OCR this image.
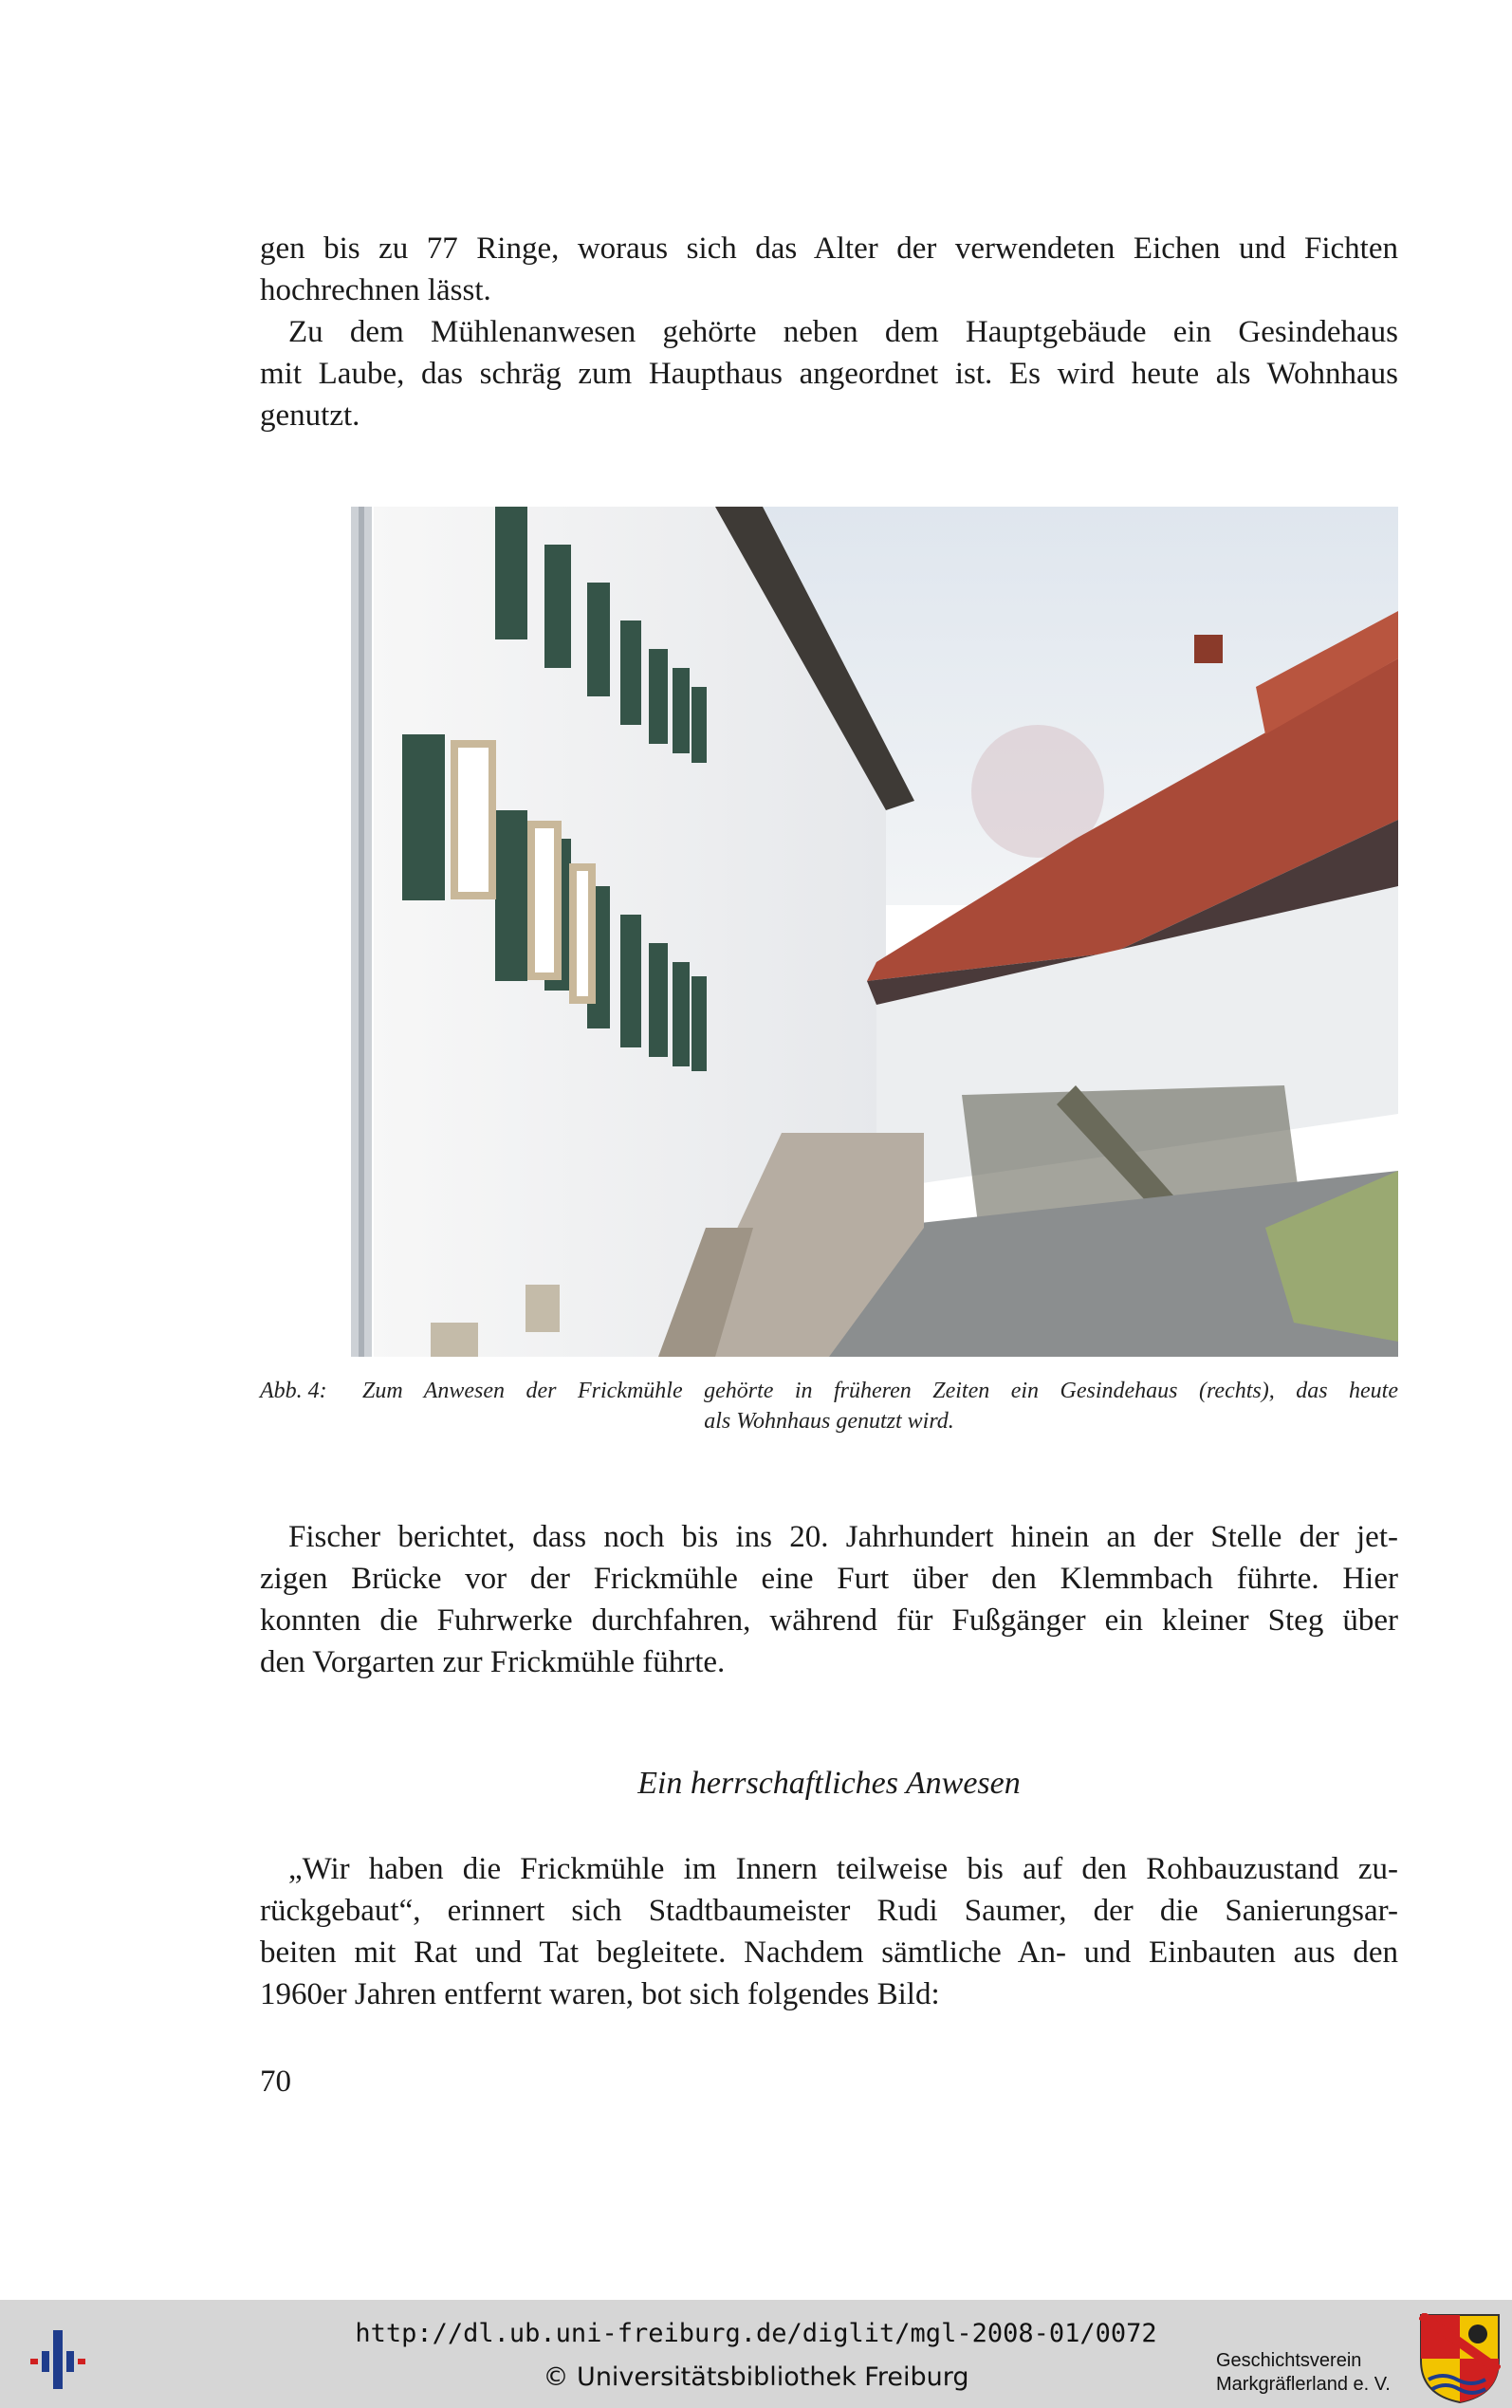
gen bis zu 77 Ringe, woraus sich das Alter der verwendeten Eichen und Fichten
hochrechnen lässt.

Zu dem Mühlenanwesen gehörte neben dem Hauptgebäude ein Gesindehaus
mit Laube, das schräg zum Haupthaus angeordnet ist. Es wird heute als Wohnhaus
genutzt.

Abb. 4:	Zum Anwesen der Frickmühle gehörte in früheren Zeiten ein Gesindehaus (rechts), das heute
als Wohnhaus genutzt wird.

Fischer berichtet, dass noch bis ins 20. Jahrhundert hinein an der Stelle der jet-
zigen Brücke vor der Frickmühle eine Furt über den Klemmbach führte. Hier
konnten die Fuhrwerke durchfahren, während für Fußgänger ein kleiner Steg über
den Vorgarten zur Frickmühle führte.

Ein herrschaftliches Anwesen

„Wir haben die Frickmühle im Innern teilweise bis auf den Rohbauzustand zu-
rückgebaut“, erinnert sich Stadtbaumeister Rudi Saumer, der die Sanierungsar-
beiten mit Rat und Tat begleitete. Nachdem sämtliche An- und Einbauten aus den
1960er Jahren entfernt waren, bot sich folgendes Bild:

70
http://dl.ub.uni-freiburg.de/diglit/mgl-2008-01/0072
© Universitätsbibliothek Freiburg
Geschichtsverein
Markgräflerland e. V.
